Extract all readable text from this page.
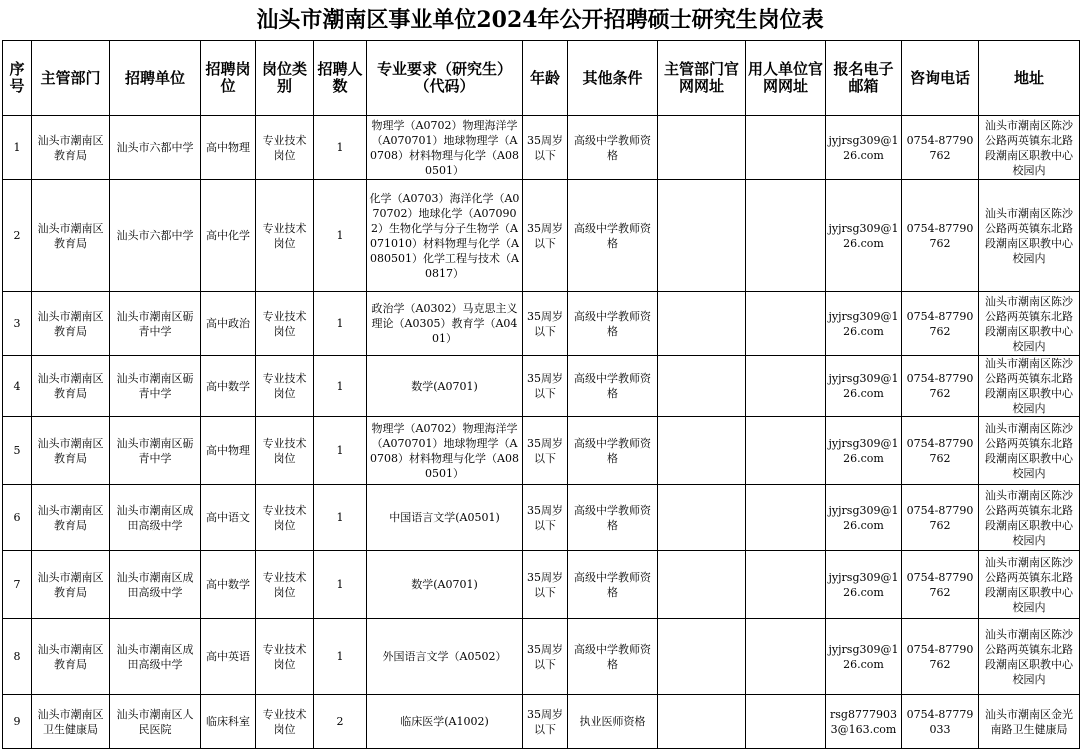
汕头市潮南区事业单位2024年公开招聘硕士研究生岗位表
序号	主管部门	招聘单位	招聘岗位	岗位类别	招聘人数	专业要求（研究生）（代码）	年龄	其他条件	主管部门官网网址	用人单位官网网址	报名电子邮箱	咨询电话	地址
1	汕头市潮南区教育局	汕头市六都中学	高中物理	专业技术岗位	1	物理学（A0702）物理海洋学（A070701）地球物理学（A0708）材料物理与化学（A080501）	35周岁以下	高级中学教师资格			jyjrsg309@126.com	0754-87790762	汕头市潮南区陈沙公路两英镇东北路段潮南区职教中心校园内
2	汕头市潮南区教育局	汕头市六都中学	高中化学	专业技术岗位	1	化学（A0703）海洋化学（A070702）地球化学（A070902）生物化学与分子生物学（A071010）材料物理与化学（A080501）化学工程与技术（A0817）	35周岁以下	高级中学教师资格			jyjrsg309@126.com	0754-87790762	汕头市潮南区陈沙公路两英镇东北路段潮南区职教中心校园内
3	汕头市潮南区教育局	汕头市潮南区砺青中学	高中政治	专业技术岗位	1	政治学（A0302）马克思主义理论（A0305）教育学（A0401）	35周岁以下	高级中学教师资格			jyjrsg309@126.com	0754-87790762	汕头市潮南区陈沙公路两英镇东北路段潮南区职教中心校园内
4	汕头市潮南区教育局	汕头市潮南区砺青中学	高中数学	专业技术岗位	1	数学(A0701)	35周岁以下	高级中学教师资格			jyjrsg309@126.com	0754-87790762	汕头市潮南区陈沙公路两英镇东北路段潮南区职教中心校园内
5	汕头市潮南区教育局	汕头市潮南区砺青中学	高中物理	专业技术岗位	1	物理学（A0702）物理海洋学（A070701）地球物理学（A0708）材料物理与化学（A080501）	35周岁以下	高级中学教师资格			jyjrsg309@126.com	0754-87790762	汕头市潮南区陈沙公路两英镇东北路段潮南区职教中心校园内
6	汕头市潮南区教育局	汕头市潮南区成田高级中学	高中语文	专业技术岗位	1	中国语言文学(A0501)	35周岁以下	高级中学教师资格			jyjrsg309@126.com	0754-87790762	汕头市潮南区陈沙公路两英镇东北路段潮南区职教中心校园内
7	汕头市潮南区教育局	汕头市潮南区成田高级中学	高中数学	专业技术岗位	1	数学(A0701)	35周岁以下	高级中学教师资格			jyjrsg309@126.com	0754-87790762	汕头市潮南区陈沙公路两英镇东北路段潮南区职教中心校园内
8	汕头市潮南区教育局	汕头市潮南区成田高级中学	高中英语	专业技术岗位	1	外国语言文学（A0502）	35周岁以下	高级中学教师资格			jyjrsg309@126.com	0754-87790762	汕头市潮南区陈沙公路两英镇东北路段潮南区职教中心校园内
9	汕头市潮南区卫生健康局	汕头市潮南区人民医院	临床科室	专业技术岗位	2	临床医学(A1002)	35周岁以下	执业医师资格			rsg87779033@163.com	0754-87779033	汕头市潮南区金光南路卫生健康局
